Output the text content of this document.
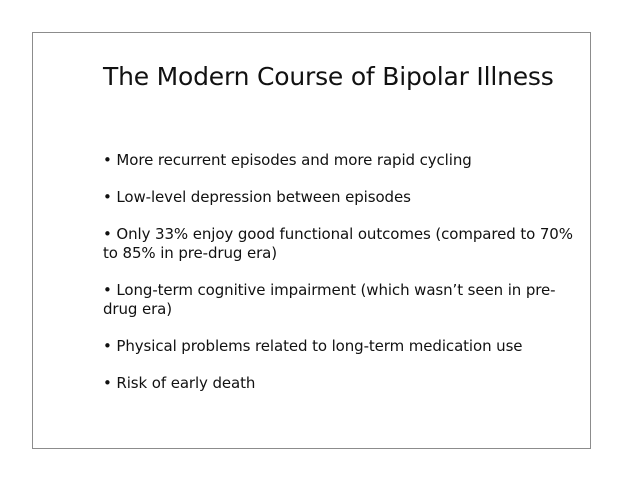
The Modern Course of Bipolar Illness
• More recurrent episodes and more rapid cycling
• Low-level depression between episodes
• Only 33% enjoy good functional outcomes (compared to 70% to 85% in pre-drug era)
• Long-term cognitive impairment (which wasn’t seen in pre-drug era)
• Physical problems related to long-term medication use
• Risk of early death
